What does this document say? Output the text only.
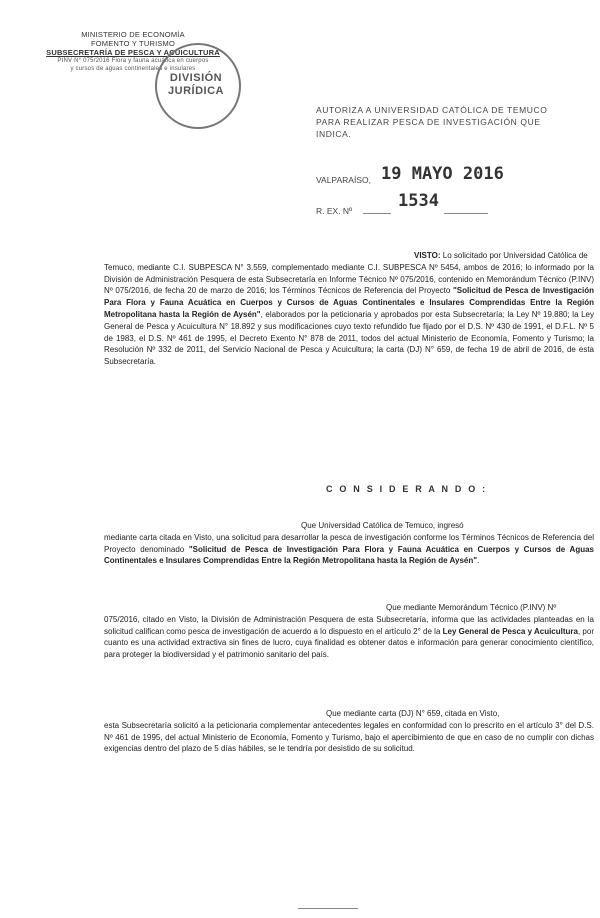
MINISTERIO DE ECONOMÍA
FOMENTO Y TURISMO
SUBSECRETARÍA DE PESCA Y ACUICULTURA
PINV N° 075/2016 Flora y fauna acuática en cuerpos
y cursos de aguas continentales e insulares
DIVISIÓN
JURÍDICA
AUTORIZA A UNIVERSIDAD CATÓLICA DE TEMUCO
PARA REALIZAR PESCA DE INVESTIGACIÓN QUE
INDICA.
VALPARAÍSO, 19 MAYO 2016
R. EX. Nº	1534
VISTO: Lo solicitado por Universidad Católica de
Temuco, mediante C.I. SUBPESCA N° 3.559, complementado mediante C.I. SUBPESCA Nº 5454, ambos de 2016; lo informado por la División de Administración Pesquera de esta Subsecretaría en Informe Técnico Nº 075/2016, contenido en Memorándum Técnico (P.INV) Nº 075/2016, de fecha 20 de marzo de 2016; los Términos Técnicos de Referencia del Proyecto "Solicitud de Pesca de Investigación Para Flora y Fauna Acuática en Cuerpos y Cursos de Aguas Continentales e Insulares Comprendidas Entre la Región Metropolitana hasta la Región de Aysén", elaborados por la peticionaria y aprobados por esta Subsecretaría; la Ley Nº 19.880; la Ley General de Pesca y Acuicultura N° 18.892 y sus modificaciones cuyo texto refundido fue fijado por el D.S. Nº 430 de 1991, el D.F.L. Nº 5 de 1983, el D.S. Nº 461 de 1995, el Decreto Exento N° 878 de 2011, todos del actual Ministerio de Economía, Fomento y Turismo; la Resolución Nº 332 de 2011, del Servicio Nacional de Pesca y Acuicultura; la carta (DJ) N° 659, de fecha 19 de abril de 2016, de esta Subsecretaría.
C O N S I D E R A N D O :
Que Universidad Católica de Temuco, ingresó
mediante carta citada en Visto, una solicitud para desarrollar la pesca de investigación conforme los Términos Técnicos de Referencia del Proyecto denominado "Solicitud de Pesca de Investigación Para Flora y Fauna Acuática en Cuerpos y Cursos de Aguas Continentales e Insulares Comprendidas Entre la Región Metropolitana hasta la Región de Aysén".
Que mediante Memorándum Técnico (P.INV) Nº
075/2016, citado en Visto, la División de Administración Pesquera de esta Subsecretaría, informa que las actividades planteadas en la solicitud califican como pesca de investigación de acuerdo a lo dispuesto en el artículo 2° de la Ley General de Pesca y Acuicultura, por cuanto es una actividad extractiva sin fines de lucro, cuya finalidad es obtener datos e información para generar conocimiento científico, para proteger la biodiversidad y el patrimonio sanitario del país.
Que mediante carta (DJ) N° 659, citada en Visto,
esta Subsecretaría solicitó a la peticionaria complementar antecedentes legales en conformidad con lo prescrito en el artículo 3° del D.S. Nº 461 de 1995, del actual Ministerio de Economía, Fomento y Turismo, bajo el apercibimiento de que en caso de no cumplir con dichas exigencias dentro del plazo de 5 días hábiles, se le tendría por desistido de su solicitud.
